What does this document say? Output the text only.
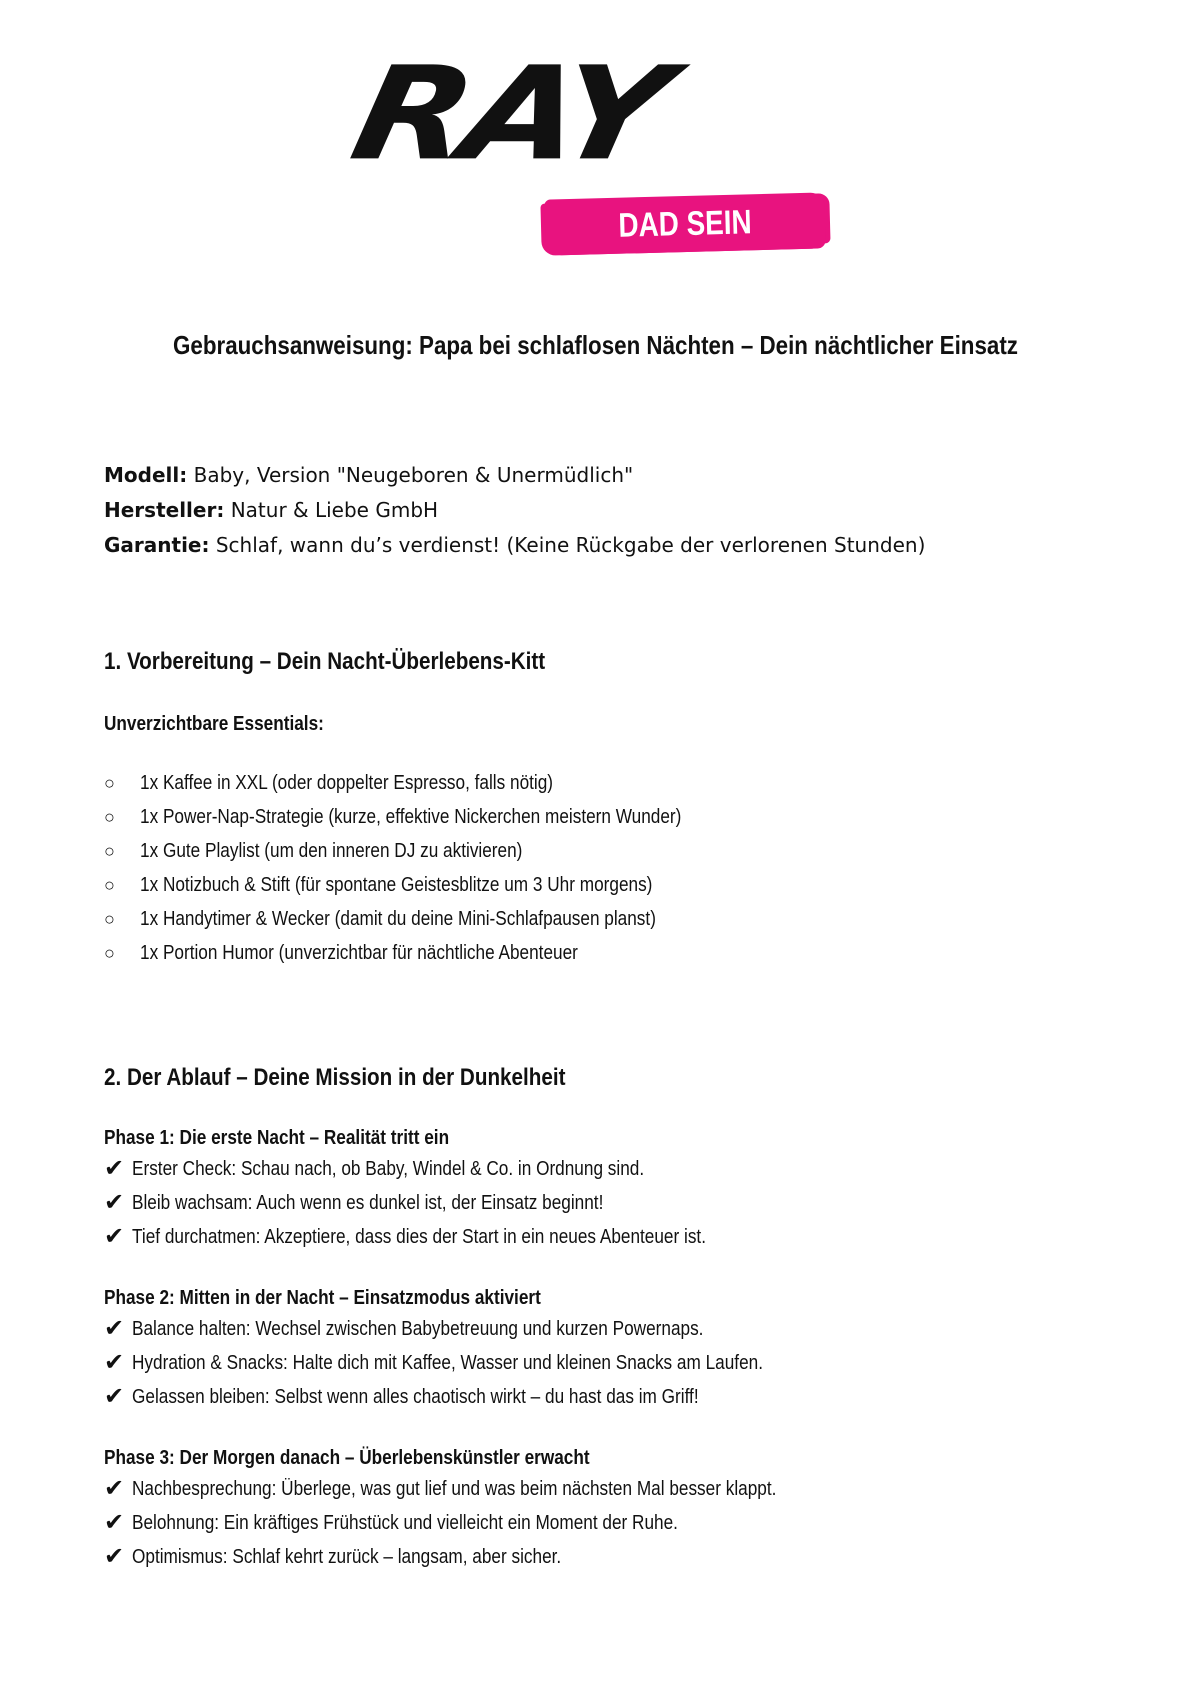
RAY
DAD SEIN ROCKT!
Gebrauchsanweisung: Papa bei schlaflosen Nächten – Dein nächtlicher Einsatz
Modell: Baby, Version "Neugeboren & Unermüdlich"
Hersteller: Natur & Liebe GmbH
Garantie: Schlaf, wann du’s verdienst! (Keine Rückgabe der verlorenen Stunden)
1. Vorbereitung – Dein Nacht-Überlebens-Kitt
Unverzichtbare Essentials:
○ 1x Kaffee in XXL (oder doppelter Espresso, falls nötig)
○ 1x Power-Nap-Strategie (kurze, effektive Nickerchen meistern Wunder)
○ 1x Gute Playlist (um den inneren DJ zu aktivieren)
○ 1x Notizbuch & Stift (für spontane Geistesblitze um 3 Uhr morgens)
○ 1x Handytimer & Wecker (damit du deine Mini-Schlafpausen planst)
○ 1x Portion Humor (unverzichtbar für nächtliche Abenteuer
2. Der Ablauf – Deine Mission in der Dunkelheit
Phase 1: Die erste Nacht – Realität tritt ein
✔ Erster Check: Schau nach, ob Baby, Windel & Co. in Ordnung sind.
✔ Bleib wachsam: Auch wenn es dunkel ist, der Einsatz beginnt!
✔ Tief durchatmen: Akzeptiere, dass dies der Start in ein neues Abenteuer ist.
Phase 2: Mitten in der Nacht – Einsatzmodus aktiviert
✔ Balance halten: Wechsel zwischen Babybetreuung und kurzen Powernaps.
✔ Hydration & Snacks: Halte dich mit Kaffee, Wasser und kleinen Snacks am Laufen.
✔ Gelassen bleiben: Selbst wenn alles chaotisch wirkt – du hast das im Griff!
Phase 3: Der Morgen danach – Überlebenskünstler erwacht
✔ Nachbesprechung: Überlege, was gut lief und was beim nächsten Mal besser klappt.
✔ Belohnung: Ein kräftiges Frühstück und vielleicht ein Moment der Ruhe.
✔ Optimismus: Schlaf kehrt zurück – langsam, aber sicher.
